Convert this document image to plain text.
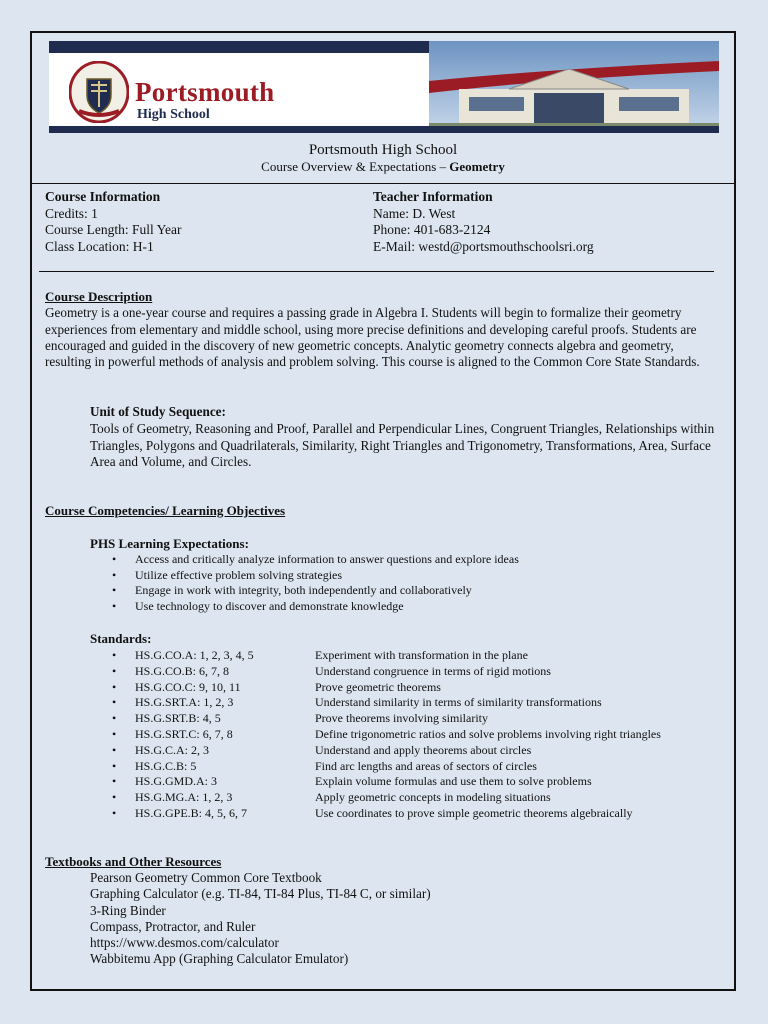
Portsmouth
High School
Portsmouth High School
Course Overview & Expectations – Geometry
Course Information
Credits: 1
Course Length: Full Year
Class Location: H-1
Teacher Information
Name: D. West
Phone: 401-683-2124
E-Mail: westd@portsmouthschoolsri.org
Course Description
Geometry is a one-year course and requires a passing grade in Algebra I. Students will begin to formalize their geometry experiences from elementary and middle school, using more precise definitions and developing careful proofs. Students are encouraged and guided in the discovery of new geometric concepts. Analytic geometry connects algebra and geometry, resulting in powerful methods of analysis and problem solving. This course is aligned to the Common Core State Standards.
Unit of Study Sequence:
Tools of Geometry, Reasoning and Proof, Parallel and Perpendicular Lines, Congruent Triangles, Relationships within Triangles, Polygons and Quadrilaterals, Similarity, Right Triangles and Trigonometry, Transformations, Area, Surface Area and Volume, and Circles.
Course Competencies/ Learning Objectives
PHS Learning Expectations:
• Access and critically analyze information to answer questions and explore ideas
• Utilize effective problem solving strategies
• Engage in work with integrity, both independently and collaboratively
• Use technology to discover and demonstrate knowledge
Standards:
• HS.G.CO.A: 1, 2, 3, 4, 5	Experiment with transformation in the plane
• HS.G.CO.B: 6, 7, 8	Understand congruence in terms of rigid motions
• HS.G.CO.C: 9, 10, 11	Prove geometric theorems
• HS.G.SRT.A: 1, 2, 3	Understand similarity in terms of similarity transformations
• HS.G.SRT.B: 4, 5	Prove theorems involving similarity
• HS.G.SRT.C: 6, 7, 8	Define trigonometric ratios and solve problems involving right triangles
• HS.G.C.A: 2, 3	Understand and apply theorems about circles
• HS.G.C.B: 5	Find arc lengths and areas of sectors of circles
• HS.G.GMD.A: 3	Explain volume formulas and use them to solve problems
• HS.G.MG.A: 1, 2, 3	Apply geometric concepts in modeling situations
• HS.G.GPE.B: 4, 5, 6, 7	Use coordinates to prove simple geometric theorems algebraically
Textbooks and Other Resources
Pearson Geometry Common Core Textbook
Graphing Calculator (e.g. TI-84, TI-84 Plus, TI-84 C, or similar)
3-Ring Binder
Compass, Protractor, and Ruler
https://www.desmos.com/calculator
Wabbitemu App (Graphing Calculator Emulator)
